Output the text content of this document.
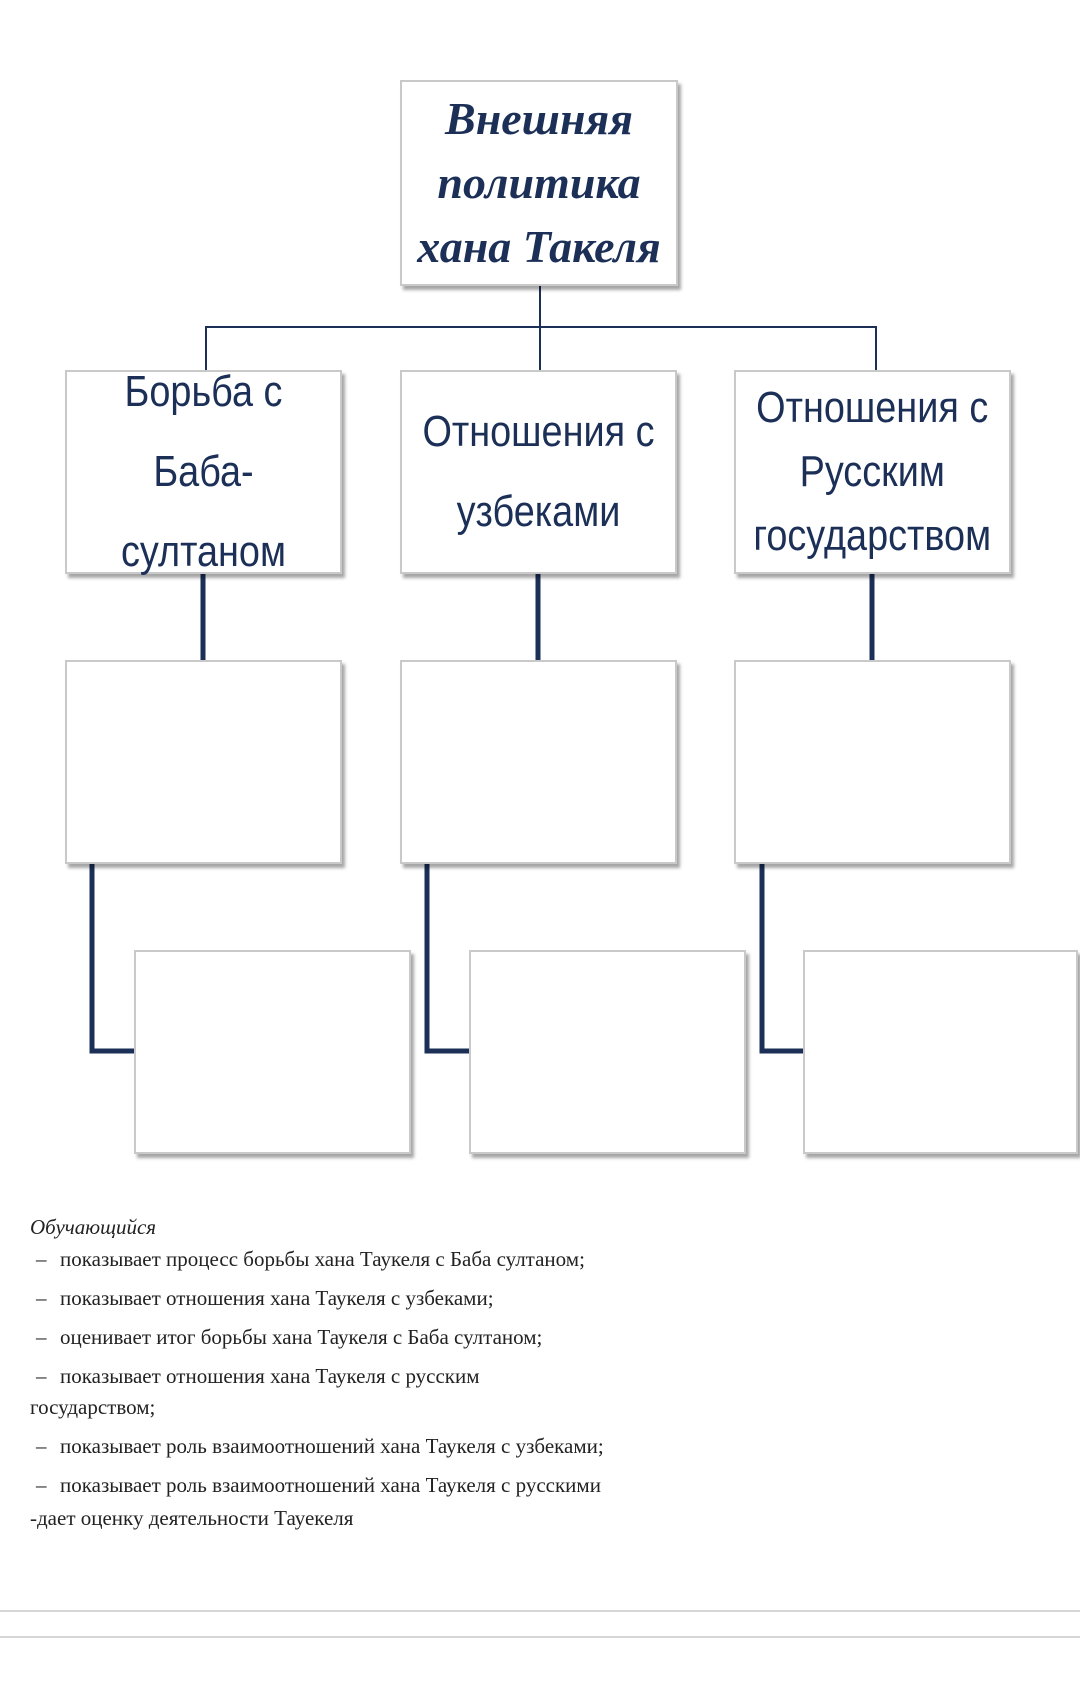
Внешняя политика хана Такеля
Борьба с Баба-султаном
Отношения с узбеками
Отношения с Русским государством
Обучающийся
– показывает процесс борьбы хана Таукеля с Баба султаном;
– показывает отношения хана Таукеля с узбеками;
– оценивает итог борьбы хана Таукеля с Баба султаном;
– показывает отношения хана Таукеля с русским государством;
– показывает роль взаимоотношений хана Таукеля с узбеками;
– показывает роль взаимоотношений хана Таукеля с русскими
-дает оценку деятельности Тауекеля
